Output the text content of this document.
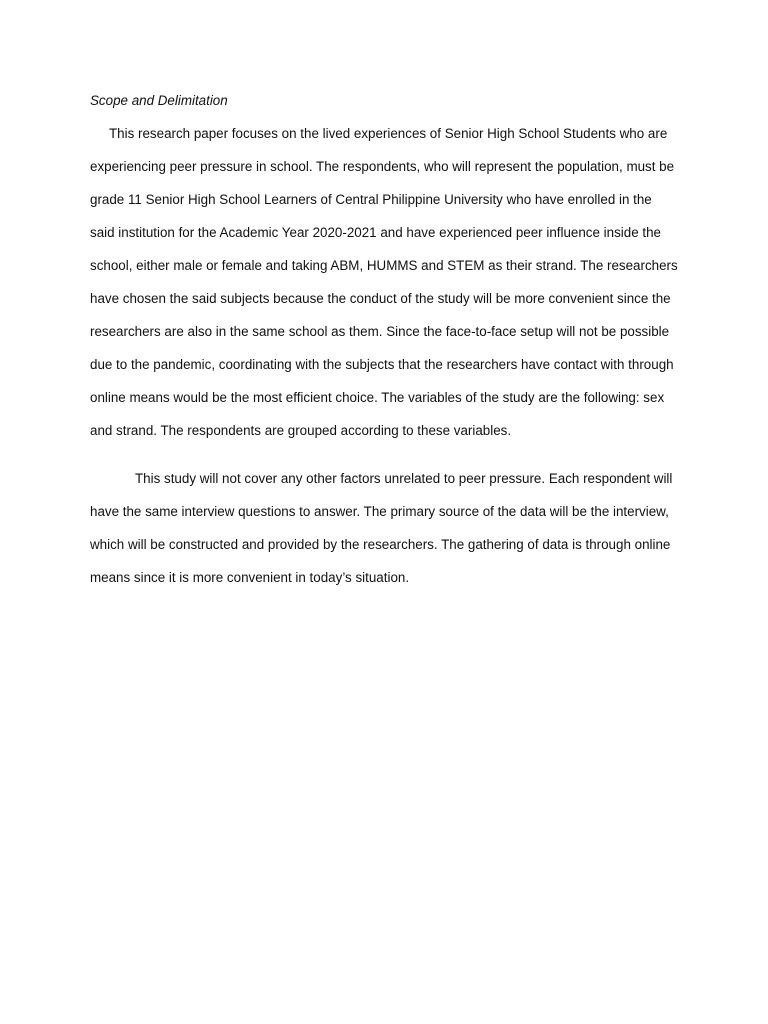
Scope and Delimitation

This research paper focuses on the lived experiences of Senior High School Students who are experiencing peer pressure in school. The respondents, who will represent the population, must be grade 11 Senior High School Learners of Central Philippine University who have enrolled in the said institution for the Academic Year 2020-2021 and have experienced peer influence inside the school, either male or female and taking ABM, HUMMS and STEM as their strand. The researchers have chosen the said subjects because the conduct of the study will be more convenient since the researchers are also in the same school as them. Since the face-to-face setup will not be possible due to the pandemic, coordinating with the subjects that the researchers have contact with through online means would be the most efficient choice. The variables of the study are the following: sex and strand. The respondents are grouped according to these variables.

This study will not cover any other factors unrelated to peer pressure. Each respondent will have the same interview questions to answer. The primary source of the data will be the interview, which will be constructed and provided by the researchers. The gathering of data is through online means since it is more convenient in today’s situation.
